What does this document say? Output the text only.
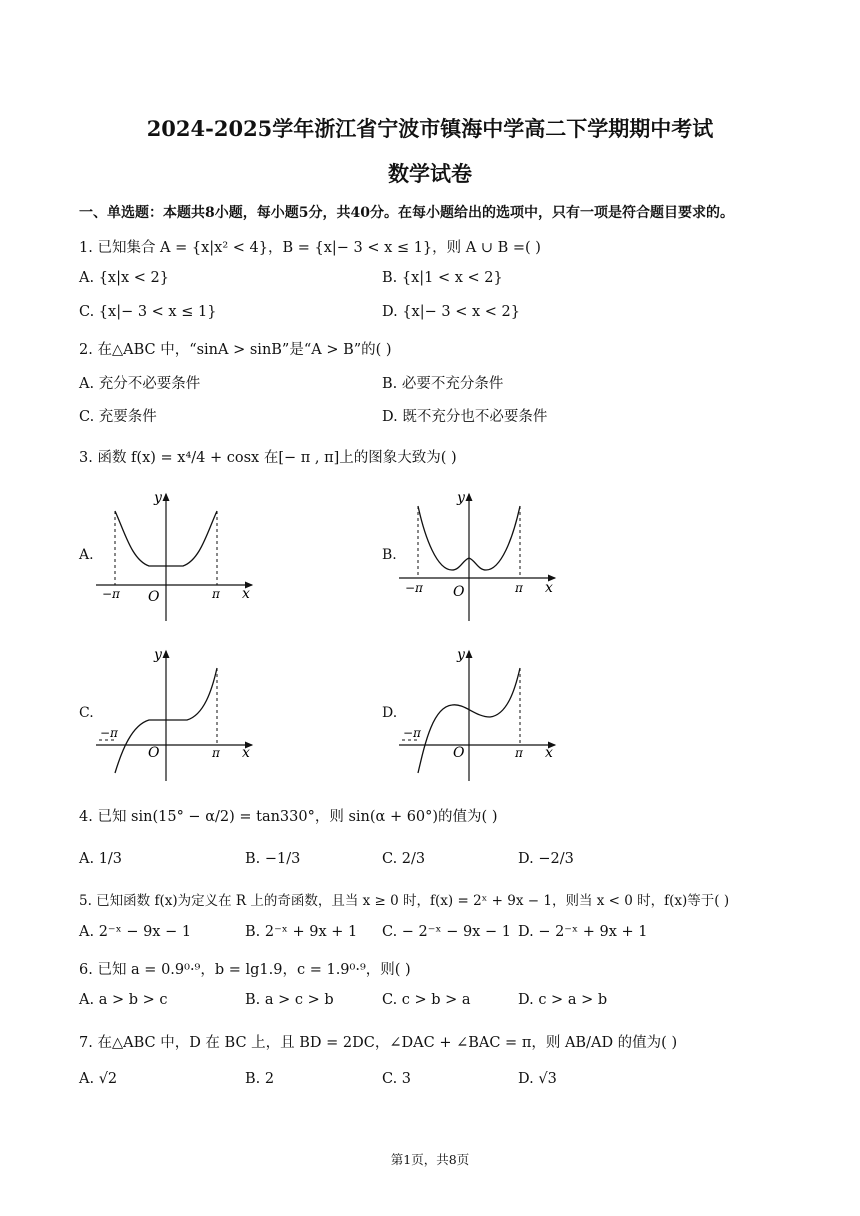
2024-2025学年浙江省宁波市镇海中学高二下学期期中考试
数学试卷
一、单选题：本题共8小题，每小题5分，共40分。在每小题给出的选项中，只有一项是符合题目要求的。
1. 已知集合 A = {x|x² < 4}，B = {x|− 3 < x ≤ 1}，则 A ∪ B =( )
A. {x|x < 2}	B. {x|1 < x < 2}
C. {x|− 3 < x ≤ 1}	D. {x|− 3 < x < 2}
2. 在△ABC 中，“sinA > sinB”是“A > B”的( )
A. 充分不必要条件	B. 必要不充分条件
C. 充要条件	D. 既不充分也不必要条件
3. 函数 f(x) = x⁴/4 + cosx 在[− π , π]上的图象大致为( )
A.	B.
C.	D.
y
x
O
−π	π
y
x
O
−π	π
y
x
O
−π
π
y
x
O
−π
π
4. 已知 sin(15° − α/2) = tan330°，则 sin(α + 60°)的值为( )
A. 1/3	B. −1/3	C. 2/3	D. −2/3
5. 已知函数 f(x)为定义在 R 上的奇函数，且当 x ≥ 0 时，f(x) = 2ˣ + 9x − 1，则当 x < 0 时，f(x)等于( )
A. 2⁻ˣ − 9x − 1	B. 2⁻ˣ + 9x + 1 C. − 2⁻ˣ − 9x − 1 D. − 2⁻ˣ + 9x + 1
6. 已知 a = 0.9⁰·⁹，b = lg1.9，c = 1.9⁰·⁹，则( )
A. a > b > c	B. a > c > b	C. c > b > a	D. c > a > b
7. 在△ABC 中，D 在 BC 上，且 BD = 2DC，∠DAC + ∠BAC = π，则 AB/AD 的值为( )
A. √2	B. 2	C. 3	D. √3
第1页，共8页
